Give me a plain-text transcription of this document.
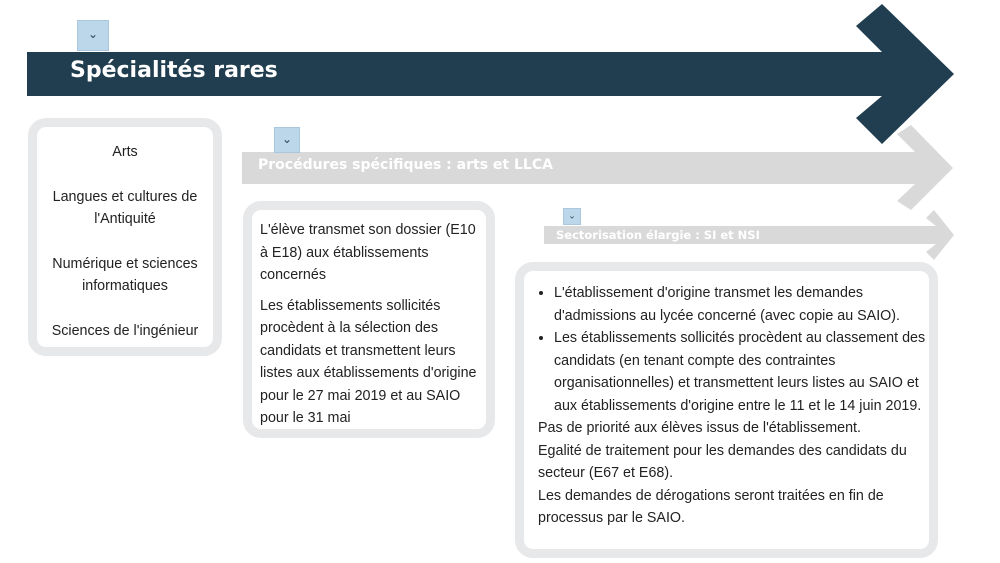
⌄
⌄
⌄
Spécialités rares
Procédures spécifiques : arts et LLCA
Sectorisation élargie : SI et NSI
Arts
Langues et cultures de l'Antiquité
Numérique et sciences informatiques
Sciences de l'ingénieur

L'élève transmet son dossier (E10 à E18) aux établissements concernés

Les établissements sollicités procèdent à la sélection des candidats et transmettent leurs listes aux établissements d'origine pour le 27 mai 2019 et au SAIO pour le 31 mai

• L'établissement d'origine transmet les demandes d'admissions au lycée concerné (avec copie au SAIO).
• Les établissements sollicités procèdent au classement des candidats (en tenant compte des contraintes organisationnelles) et transmettent leurs listes au SAIO et aux établissements d'origine entre le 11 et le 14 juin 2019.

Pas de priorité aux élèves issus de l'établissement.

Egalité de traitement pour les demandes des candidats du secteur (E67 et E68).

Les demandes de dérogations seront traitées en fin de processus par le SAIO.
